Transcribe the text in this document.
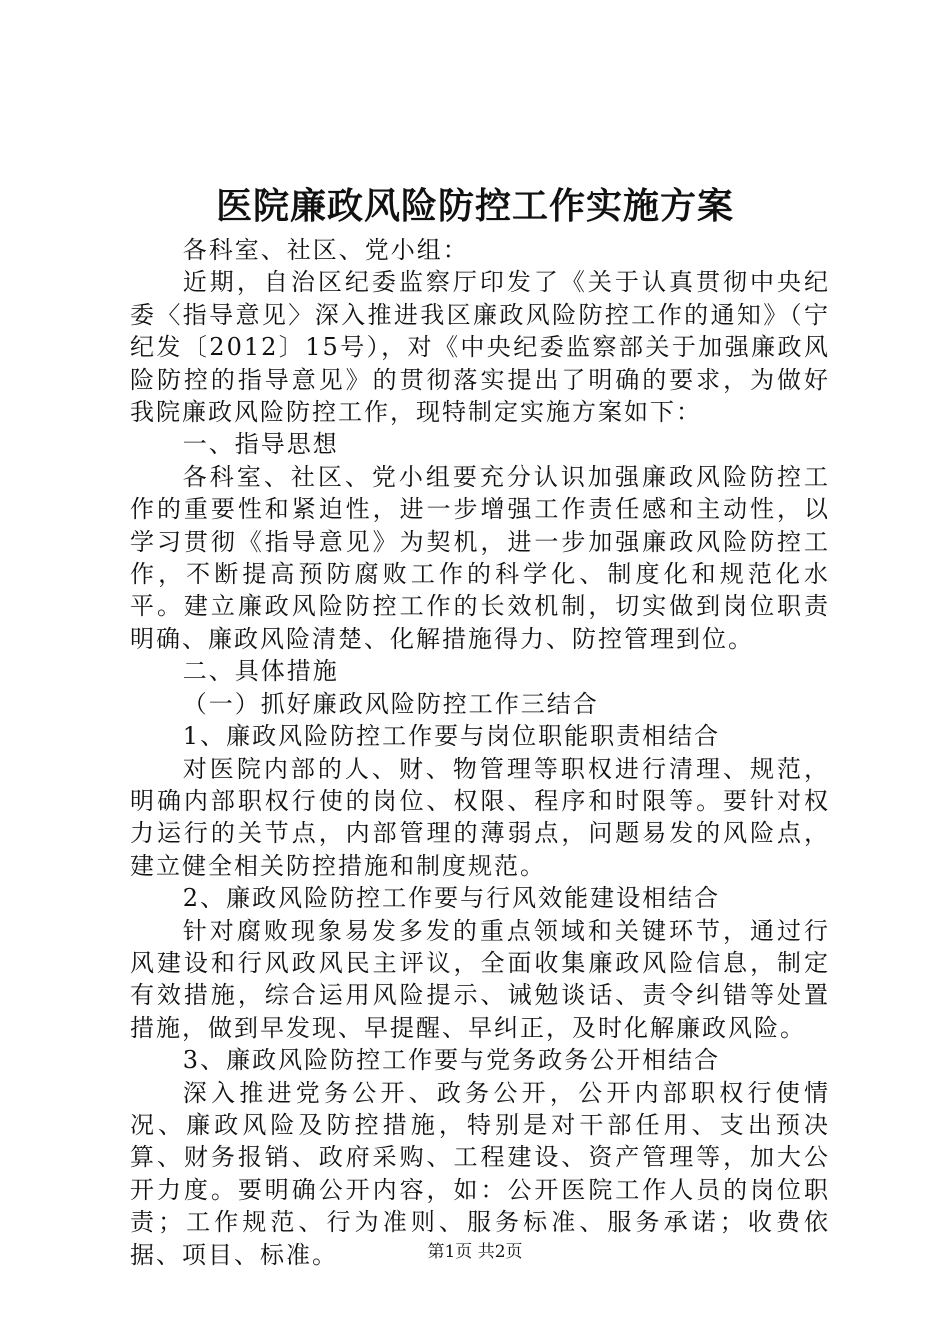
医院廉政风险防控工作实施方案

各科室、社区、党小组：

近期，自治区纪委监察厅印发了《关于认真贯彻中央纪委〈指导意见〉深入推进我区廉政风险防控工作的通知》（宁纪发〔2012〕15号），对《中央纪委监察部关于加强廉政风险防控的指导意见》的贯彻落实提出了明确的要求，为做好我院廉政风险防控工作，现特制定实施方案如下：

一、指导思想

各科室、社区、党小组要充分认识加强廉政风险防控工作的重要性和紧迫性，进一步增强工作责任感和主动性，以学习贯彻《指导意见》为契机，进一步加强廉政风险防控工作，不断提高预防腐败工作的科学化、制度化和规范化水平。建立廉政风险防控工作的长效机制，切实做到岗位职责明确、廉政风险清楚、化解措施得力、防控管理到位。

二、具体措施

（一）抓好廉政风险防控工作三结合

1、廉政风险防控工作要与岗位职能职责相结合

对医院内部的人、财、物管理等职权进行清理、规范，明确内部职权行使的岗位、权限、程序和时限等。要针对权力运行的关节点，内部管理的薄弱点，问题易发的风险点，建立健全相关防控措施和制度规范。

2、廉政风险防控工作要与行风效能建设相结合

针对腐败现象易发多发的重点领域和关键环节，通过行风建设和行风政风民主评议，全面收集廉政风险信息，制定有效措施，综合运用风险提示、诫勉谈话、责令纠错等处置措施，做到早发现、早提醒、早纠正，及时化解廉政风险。

3、廉政风险防控工作要与党务政务公开相结合

深入推进党务公开、政务公开，公开内部职权行使情况、廉政风险及防控措施，特别是对干部任用、支出预决算、财务报销、政府采购、工程建设、资产管理等，加大公开力度。要明确公开内容，如：公开医院工作人员的岗位职责；工作规范、行为准则、服务标准、服务承诺；收费依据、项目、标准。	第1页 共2页
